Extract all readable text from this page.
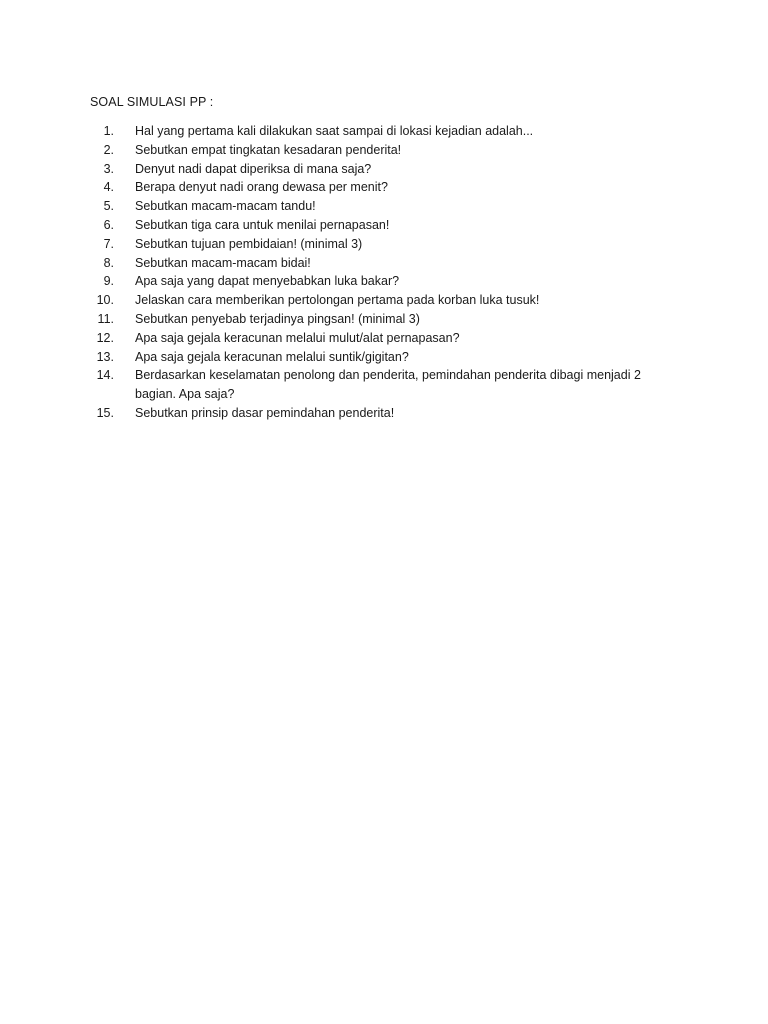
SOAL SIMULASI PP :
1.	Hal yang pertama kali dilakukan saat sampai di lokasi kejadian adalah...
2.	Sebutkan empat tingkatan kesadaran penderita!
3.	Denyut nadi dapat diperiksa di mana saja?
4.	Berapa denyut nadi orang dewasa per menit?
5.	Sebutkan macam-macam tandu!
6.	Sebutkan tiga cara untuk menilai pernapasan!
7.	Sebutkan tujuan pembidaian! (minimal 3)
8.	Sebutkan macam-macam bidai!
9.	Apa saja yang dapat menyebabkan luka bakar?
10.	Jelaskan cara memberikan pertolongan pertama pada korban luka tusuk!
11.	Sebutkan penyebab terjadinya pingsan! (minimal 3)
12.	Apa saja gejala keracunan melalui mulut/alat pernapasan?
13.	Apa saja gejala keracunan melalui suntik/gigitan?
14.	Berdasarkan keselamatan penolong dan penderita, pemindahan penderita dibagi menjadi 2 bagian. Apa saja?
15.	Sebutkan prinsip dasar pemindahan penderita!
